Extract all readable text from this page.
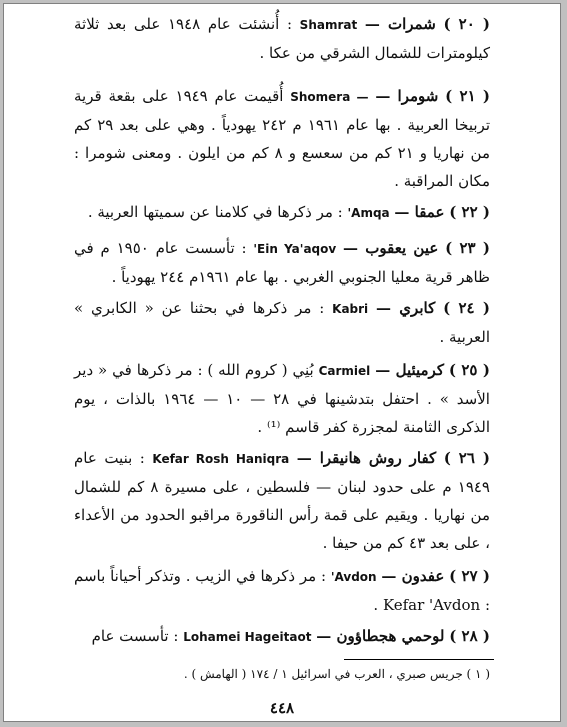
( ٢٠ ) شمرات — Shamrat : أُنشئت عام ١٩٤٨ على بعد ثلاثة كيلومترات للشمال الشرقي من عكا .

( ٢١ ) شومرا — Shomera — أُقيمت عام ١٩٤٩ على بقعة قرية تربيخا العربية . بها عام ١٩٦١ م ٢٤٢ يهودياً . وهي على بعد ٢٩ كم من نهاريا و ٢١ كم من سعسع و ٨ كم من ايلون . ومعنى شومرا : مكان المراقبة .

( ٢٢ ) عمقا — 'Amqa : مر ذكرها في كلامنا عن سميتها العربية .

( ٢٣ ) عين يعقوب — 'Ein Ya'aqov : تأسست عام ١٩٥٠ م في ظاهر قرية معليا الجنوبي الغربي . بها عام ١٩٦١م ٢٤٤ يهودياً .

( ٢٤ ) كابري — Kabri : مر ذكرها في بحثنا عن « الكابري » العربية .

( ٢٥ ) كرميئيل — Carmiel بُنِي ( كروم الله ) : مر ذكرها في « دير الأسد » . احتفل بتدشينها في ٢٨ — ١٠ — ١٩٦٤ بالذات ، يوم الذكرى الثامنة لمجزرة كفر قاسم ⁽¹⁾ .

( ٢٦ ) كفار روش هانيقرا — Kefar Rosh Haniqra : بنيت عام ١٩٤٩ م على حدود لبنان — فلسطين ، على مسيرة ٨ كم للشمال من نهاريا . ويقيم على قمة رأس الناقورة مراقبو الحدود من الأعداء ، على بعد ٤٣ كم من حيفا .

( ٢٧ ) عفدون — 'Avdon : مر ذكرها في الزيب . وتذكر أحياناً باسم : Kefar 'Avdon .

( ٢٨ ) لوحمي هجطاؤون — Lohamei Hageitaot : تأسست عام

( ١ ) جريس صبري ، العرب في اسرائيل ١ / ١٧٤ ( الهامش ) .
٤٤٨
